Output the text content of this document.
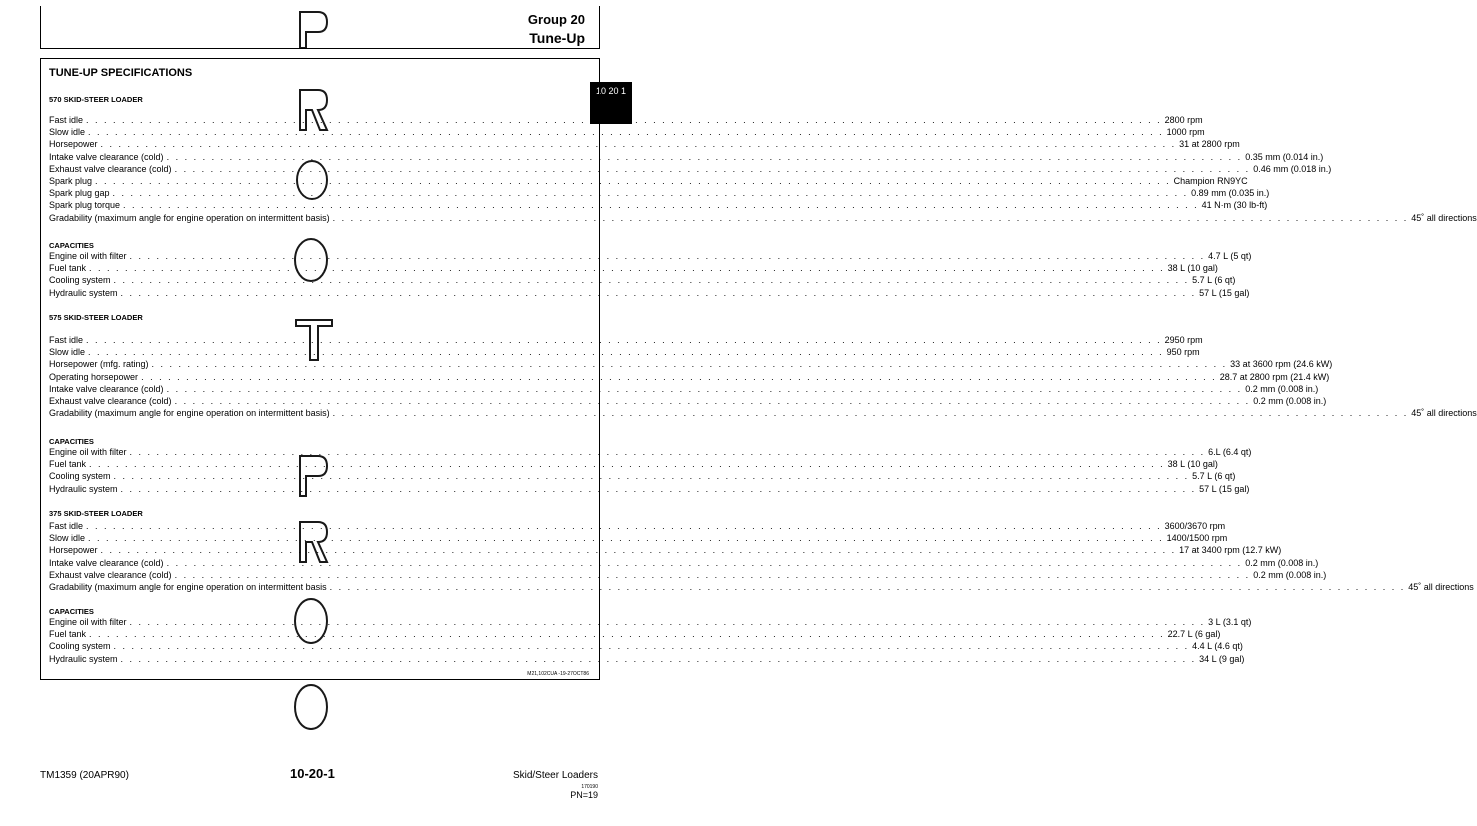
Group 20
Tune-Up
10 20 1
TUNE-UP SPECIFICATIONS
570 SKID-STEER LOADER
Fast idle . . . . . . . . . . . . . . . . . . . . . . . . . . . . . . . . . . . . . . . . . . . . . . . . . . . . . . . . . . . . . . . . . . . . . . . . . . . . . . . . . . . . . . . . . . . . . . . . . . . . . . . . . . . . . . . . . . . . . . . . 2800 rpm
Slow idle . . . . . . . . . . . . . . . . . . . . . . . . . . . . . . . . . . . . . . . . . . . . . . . . . . . . . . . . . . . . . . . . . . . . . . . . . . . . . . . . . . . . . . . . . . . . . . . . . . . . . . . . . . . . . . . . . . . . . . . . 1000 rpm
Horsepower . . . . . . . . . . . . . . . . . . . . . . . . . . . . . . . . . . . . . . . . . . . . . . . . . . . . . . . . . . . . . . . . . . . . . . . . . . . . . . . . . . . . . . . . . . . . . . . . . . . . . . . . . . . . . . . . . . . . . . . . 31 at 2800 rpm
Intake valve clearance (cold) . . . . . . . . . . . . . . . . . . . . . . . . . . . . . . . . . . . . . . . . . . . . . . . . . . . . . . . . . . . . . . . . . . . . . . . . . . . . . . . . . . . . . . . . . . . . . . . . . . . . . . . . . . . . . . . . . . . . . . . . 0.35 mm (0.014 in.)
Exhaust valve clearance (cold) . . . . . . . . . . . . . . . . . . . . . . . . . . . . . . . . . . . . . . . . . . . . . . . . . . . . . . . . . . . . . . . . . . . . . . . . . . . . . . . . . . . . . . . . . . . . . . . . . . . . . . . . . . . . . . . . . . . . . . . . 0.46 mm (0.018 in.)
Spark plug . . . . . . . . . . . . . . . . . . . . . . . . . . . . . . . . . . . . . . . . . . . . . . . . . . . . . . . . . . . . . . . . . . . . . . . . . . . . . . . . . . . . . . . . . . . . . . . . . . . . . . . . . . . . . . . . . . . . . . . . Champion RN9YC
Spark plug gap . . . . . . . . . . . . . . . . . . . . . . . . . . . . . . . . . . . . . . . . . . . . . . . . . . . . . . . . . . . . . . . . . . . . . . . . . . . . . . . . . . . . . . . . . . . . . . . . . . . . . . . . . . . . . . . . . . . . . . . . 0.89 mm (0.035 in.)
Spark plug torque . . . . . . . . . . . . . . . . . . . . . . . . . . . . . . . . . . . . . . . . . . . . . . . . . . . . . . . . . . . . . . . . . . . . . . . . . . . . . . . . . . . . . . . . . . . . . . . . . . . . . . . . . . . . . . . . . . . . . . . . 41 N·m (30 lb-ft)
Gradability (maximum angle for engine operation on intermittent basis) . . . . . . . . . . . . . . . . . . . . . . . . . . . . . . . . . . . . . . . . . . . . . . . . . . . . . . . . . . . . . . . . . . . . . . . . . . . . . . . . . . . . . . . . . . . . . . . . . . . . . . . . . . . . . . . . . . . . . . . . 45˚ all directions
CAPACITIES
Engine oil with filter . . . . . . . . . . . . . . . . . . . . . . . . . . . . . . . . . . . . . . . . . . . . . . . . . . . . . . . . . . . . . . . . . . . . . . . . . . . . . . . . . . . . . . . . . . . . . . . . . . . . . . . . . . . . . . . . . . . . . . . . 4.7 L (5 qt)
Fuel tank . . . . . . . . . . . . . . . . . . . . . . . . . . . . . . . . . . . . . . . . . . . . . . . . . . . . . . . . . . . . . . . . . . . . . . . . . . . . . . . . . . . . . . . . . . . . . . . . . . . . . . . . . . . . . . . . . . . . . . . . 38 L (10 gal)
Cooling system . . . . . . . . . . . . . . . . . . . . . . . . . . . . . . . . . . . . . . . . . . . . . . . . . . . . . . . . . . . . . . . . . . . . . . . . . . . . . . . . . . . . . . . . . . . . . . . . . . . . . . . . . . . . . . . . . . . . . . . . 5.7 L (6 qt)
Hydraulic system . . . . . . . . . . . . . . . . . . . . . . . . . . . . . . . . . . . . . . . . . . . . . . . . . . . . . . . . . . . . . . . . . . . . . . . . . . . . . . . . . . . . . . . . . . . . . . . . . . . . . . . . . . . . . . . . . . . . . . . . 57 L (15 gal)
575 SKID-STEER LOADER
Fast idle . . . . . . . . . . . . . . . . . . . . . . . . . . . . . . . . . . . . . . . . . . . . . . . . . . . . . . . . . . . . . . . . . . . . . . . . . . . . . . . . . . . . . . . . . . . . . . . . . . . . . . . . . . . . . . . . . . . . . . . . 2950 rpm
Slow idle . . . . . . . . . . . . . . . . . . . . . . . . . . . . . . . . . . . . . . . . . . . . . . . . . . . . . . . . . . . . . . . . . . . . . . . . . . . . . . . . . . . . . . . . . . . . . . . . . . . . . . . . . . . . . . . . . . . . . . . . 950 rpm
Horsepower (mfg. rating) . . . . . . . . . . . . . . . . . . . . . . . . . . . . . . . . . . . . . . . . . . . . . . . . . . . . . . . . . . . . . . . . . . . . . . . . . . . . . . . . . . . . . . . . . . . . . . . . . . . . . . . . . . . . . . . . . . . . . . . . 33 at 3600 rpm (24.6 kW)
Operating horsepower . . . . . . . . . . . . . . . . . . . . . . . . . . . . . . . . . . . . . . . . . . . . . . . . . . . . . . . . . . . . . . . . . . . . . . . . . . . . . . . . . . . . . . . . . . . . . . . . . . . . . . . . . . . . . . . . . . . . . . . . 28.7 at 2800 rpm (21.4 kW)
Intake valve clearance (cold) . . . . . . . . . . . . . . . . . . . . . . . . . . . . . . . . . . . . . . . . . . . . . . . . . . . . . . . . . . . . . . . . . . . . . . . . . . . . . . . . . . . . . . . . . . . . . . . . . . . . . . . . . . . . . . . . . . . . . . . . 0.2 mm (0.008 in.)
Exhaust valve clearance (cold) . . . . . . . . . . . . . . . . . . . . . . . . . . . . . . . . . . . . . . . . . . . . . . . . . . . . . . . . . . . . . . . . . . . . . . . . . . . . . . . . . . . . . . . . . . . . . . . . . . . . . . . . . . . . . . . . . . . . . . . . 0.2 mm (0.008 in.)
Gradability (maximum angle for engine operation on intermittent basis) . . . . . . . . . . . . . . . . . . . . . . . . . . . . . . . . . . . . . . . . . . . . . . . . . . . . . . . . . . . . . . . . . . . . . . . . . . . . . . . . . . . . . . . . . . . . . . . . . . . . . . . . . . . . . . . . . . . . . . . . 45˚ all directions
CAPACITIES
Engine oil with filter . . . . . . . . . . . . . . . . . . . . . . . . . . . . . . . . . . . . . . . . . . . . . . . . . . . . . . . . . . . . . . . . . . . . . . . . . . . . . . . . . . . . . . . . . . . . . . . . . . . . . . . . . . . . . . . . . . . . . . . . 6.L (6.4 qt)
Fuel tank . . . . . . . . . . . . . . . . . . . . . . . . . . . . . . . . . . . . . . . . . . . . . . . . . . . . . . . . . . . . . . . . . . . . . . . . . . . . . . . . . . . . . . . . . . . . . . . . . . . . . . . . . . . . . . . . . . . . . . . . 38 L (10 gal)
Cooling system . . . . . . . . . . . . . . . . . . . . . . . . . . . . . . . . . . . . . . . . . . . . . . . . . . . . . . . . . . . . . . . . . . . . . . . . . . . . . . . . . . . . . . . . . . . . . . . . . . . . . . . . . . . . . . . . . . . . . . . . 5.7 L (6 qt)
Hydraulic system . . . . . . . . . . . . . . . . . . . . . . . . . . . . . . . . . . . . . . . . . . . . . . . . . . . . . . . . . . . . . . . . . . . . . . . . . . . . . . . . . . . . . . . . . . . . . . . . . . . . . . . . . . . . . . . . . . . . . . . . 57 L (15 gal)
375 SKID-STEER LOADER
Fast idle . . . . . . . . . . . . . . . . . . . . . . . . . . . . . . . . . . . . . . . . . . . . . . . . . . . . . . . . . . . . . . . . . . . . . . . . . . . . . . . . . . . . . . . . . . . . . . . . . . . . . . . . . . . . . . . . . . . . . . . . 3600/3670 rpm
Slow idle . . . . . . . . . . . . . . . . . . . . . . . . . . . . . . . . . . . . . . . . . . . . . . . . . . . . . . . . . . . . . . . . . . . . . . . . . . . . . . . . . . . . . . . . . . . . . . . . . . . . . . . . . . . . . . . . . . . . . . . . 1400/1500 rpm
Horsepower . . . . . . . . . . . . . . . . . . . . . . . . . . . . . . . . . . . . . . . . . . . . . . . . . . . . . . . . . . . . . . . . . . . . . . . . . . . . . . . . . . . . . . . . . . . . . . . . . . . . . . . . . . . . . . . . . . . . . . . . 17 at 3400 rpm (12.7 kW)
Intake valve clearance (cold) . . . . . . . . . . . . . . . . . . . . . . . . . . . . . . . . . . . . . . . . . . . . . . . . . . . . . . . . . . . . . . . . . . . . . . . . . . . . . . . . . . . . . . . . . . . . . . . . . . . . . . . . . . . . . . . . . . . . . . . . 0.2 mm (0.008 in.)
Exhaust valve clearance (cold) . . . . . . . . . . . . . . . . . . . . . . . . . . . . . . . . . . . . . . . . . . . . . . . . . . . . . . . . . . . . . . . . . . . . . . . . . . . . . . . . . . . . . . . . . . . . . . . . . . . . . . . . . . . . . . . . . . . . . . . . 0.2 mm (0.008 in.)
Gradability (maximum angle for engine operation on intermittent basis . . . . . . . . . . . . . . . . . . . . . . . . . . . . . . . . . . . . . . . . . . . . . . . . . . . . . . . . . . . . . . . . . . . . . . . . . . . . . . . . . . . . . . . . . . . . . . . . . . . . . . . . . . . . . . . . . . . . . . . . 45˚ all directions
CAPACITIES
Engine oil with filter . . . . . . . . . . . . . . . . . . . . . . . . . . . . . . . . . . . . . . . . . . . . . . . . . . . . . . . . . . . . . . . . . . . . . . . . . . . . . . . . . . . . . . . . . . . . . . . . . . . . . . . . . . . . . . . . . . . . . . . . 3 L (3.1 qt)
Fuel tank . . . . . . . . . . . . . . . . . . . . . . . . . . . . . . . . . . . . . . . . . . . . . . . . . . . . . . . . . . . . . . . . . . . . . . . . . . . . . . . . . . . . . . . . . . . . . . . . . . . . . . . . . . . . . . . . . . . . . . . . 22.7 L (6 gal)
Cooling system . . . . . . . . . . . . . . . . . . . . . . . . . . . . . . . . . . . . . . . . . . . . . . . . . . . . . . . . . . . . . . . . . . . . . . . . . . . . . . . . . . . . . . . . . . . . . . . . . . . . . . . . . . . . . . . . . . . . . . . . 4.4 L (4.6 qt)
Hydraulic system . . . . . . . . . . . . . . . . . . . . . . . . . . . . . . . . . . . . . . . . . . . . . . . . . . . . . . . . . . . . . . . . . . . . . . . . . . . . . . . . . . . . . . . . . . . . . . . . . . . . . . . . . . . . . . . . . . . . . . . . 34 L (9 gal)
M21,102CUA -19-27OCT86
TM1359 (20APR90)	10-20-1	Skid/Steer Loaders
170190
PN=19
